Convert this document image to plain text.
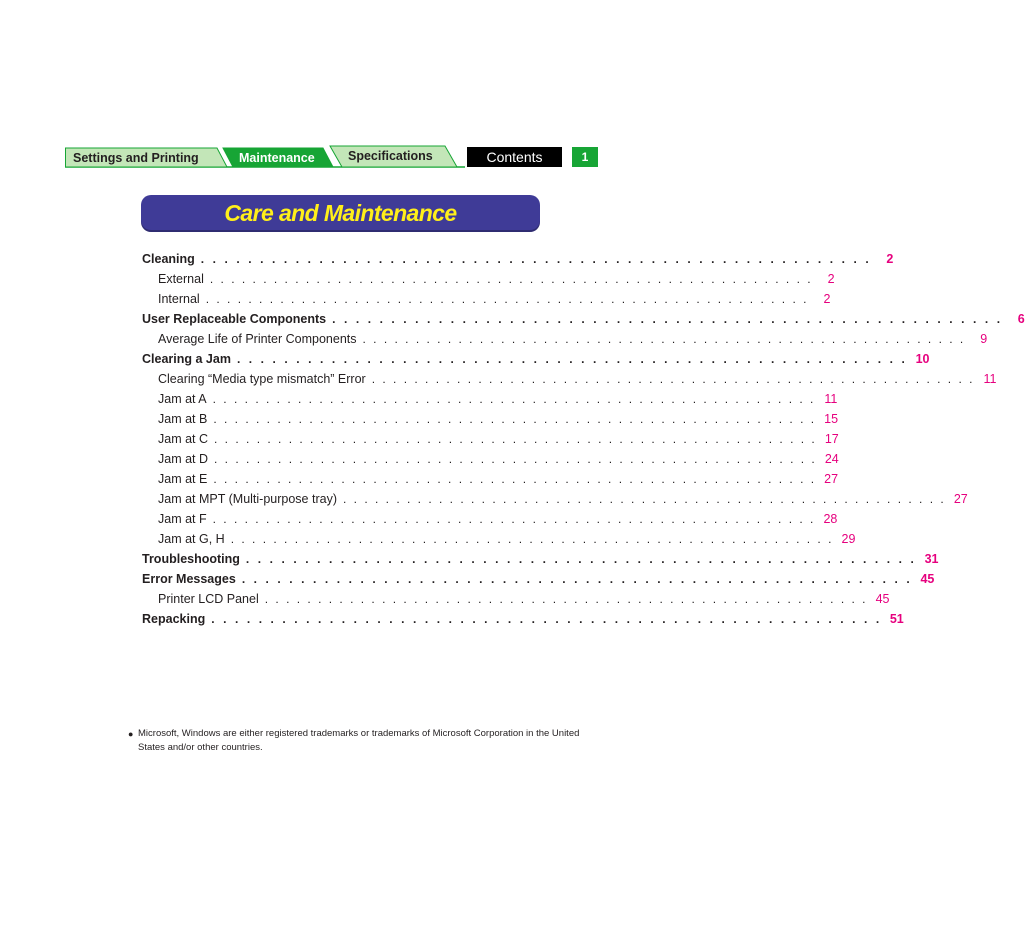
Settings and Printing	Maintenance	Specifications	Contents	1
Care and Maintenance
Cleaning . . . . . . . . . . . . . . . . . . . . . . . . . . . . . . . . . . . . . . . . . . . . . . . . . . . . . . . . .	2
External . . . . . . . . . . . . . . . . . . . . . . . . . . . . . . . . . . . . . . . . . . . . . . . . . . . . . . . . .	2
Internal . . . . . . . . . . . . . . . . . . . . . . . . . . . . . . . . . . . . . . . . . . . . . . . . . . . . . . . . .	2
User Replaceable Components . . . . . . . . . . . . . . . . . . . . . . . . . . . . . . . . . . . . . . . . . . . . . . . . . . . . . . . . .	6
Average Life of Printer Components . . . . . . . . . . . . . . . . . . . . . . . . . . . . . . . . . . . . . . . . . . . . . . . . . . . . . . . . .	9
Clearing a Jam . . . . . . . . . . . . . . . . . . . . . . . . . . . . . . . . . . . . . . . . . . . . . . . . . . . . . . . . . 10
Clearing “Media type mismatch” Error . . . . . . . . . . . . . . . . . . . . . . . . . . . . . . . . . . . . . . . . . . . . . . . . . . . . . . . . . 11
Jam at A . . . . . . . . . . . . . . . . . . . . . . . . . . . . . . . . . . . . . . . . . . . . . . . . . . . . . . . . . 11
Jam at B . . . . . . . . . . . . . . . . . . . . . . . . . . . . . . . . . . . . . . . . . . . . . . . . . . . . . . . . . 15
Jam at C . . . . . . . . . . . . . . . . . . . . . . . . . . . . . . . . . . . . . . . . . . . . . . . . . . . . . . . . . 17
Jam at D . . . . . . . . . . . . . . . . . . . . . . . . . . . . . . . . . . . . . . . . . . . . . . . . . . . . . . . . . 24
Jam at E . . . . . . . . . . . . . . . . . . . . . . . . . . . . . . . . . . . . . . . . . . . . . . . . . . . . . . . . . 27
Jam at MPT (Multi-purpose tray) . . . . . . . . . . . . . . . . . . . . . . . . . . . . . . . . . . . . . . . . . . . . . . . . . . . . . . . . . 27
Jam at F . . . . . . . . . . . . . . . . . . . . . . . . . . . . . . . . . . . . . . . . . . . . . . . . . . . . . . . . . 28
Jam at G, H . . . . . . . . . . . . . . . . . . . . . . . . . . . . . . . . . . . . . . . . . . . . . . . . . . . . . . . . . 29
Troubleshooting . . . . . . . . . . . . . . . . . . . . . . . . . . . . . . . . . . . . . . . . . . . . . . . . . . . . . . . . . 31
Error Messages . . . . . . . . . . . . . . . . . . . . . . . . . . . . . . . . . . . . . . . . . . . . . . . . . . . . . . . . . 45
Printer LCD Panel . . . . . . . . . . . . . . . . . . . . . . . . . . . . . . . . . . . . . . . . . . . . . . . . . . . . . . . . . 45
Repacking . . . . . . . . . . . . . . . . . . . . . . . . . . . . . . . . . . . . . . . . . . . . . . . . . . . . . . . . . 51
● Microsoft, Windows are either registered trademarks or trademarks of Microsoft Corporation in the United States and/or other countries.
